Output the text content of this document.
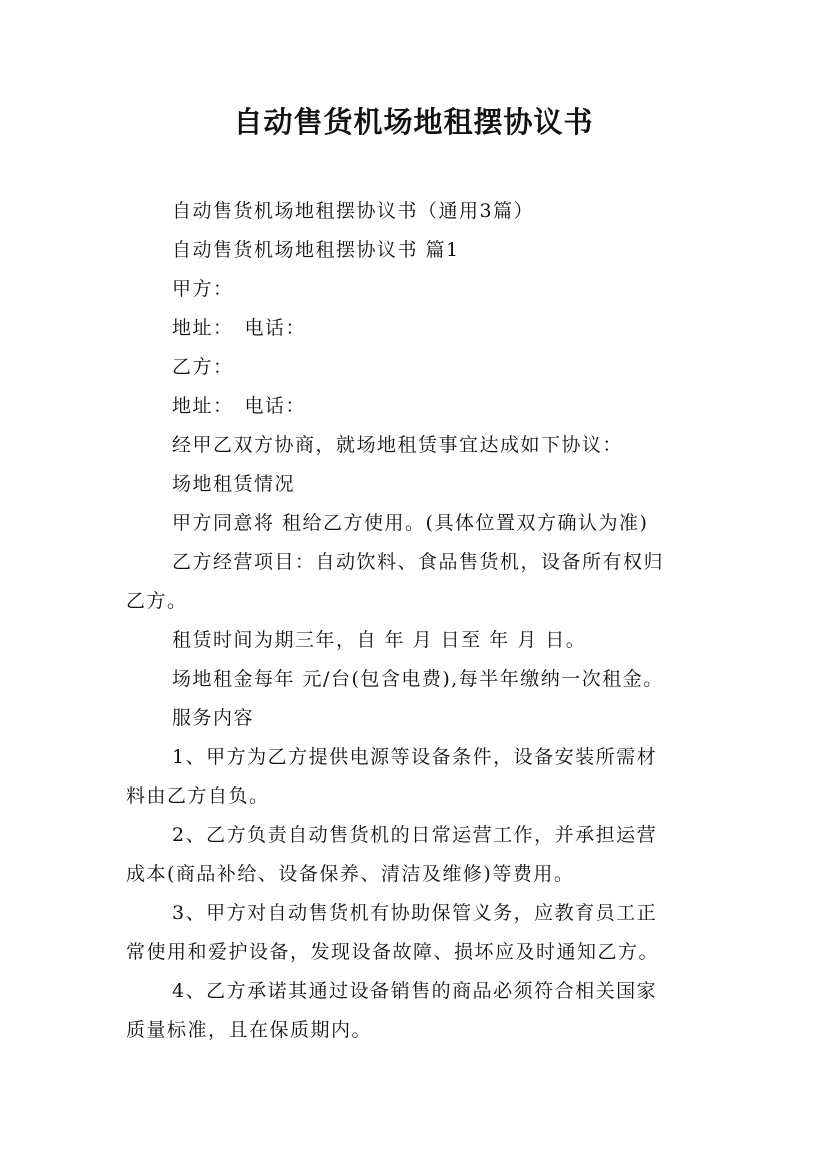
自动售货机场地租摆协议书
自动售货机场地租摆协议书（通用3篇）
自动售货机场地租摆协议书 篇1
甲方：
地址：　电话：
乙方：
地址：　电话：
经甲乙双方协商，就场地租赁事宜达成如下协议：
场地租赁情况
甲方同意将 租给乙方使用。(具体位置双方确认为准)
乙方经营项目：自动饮料、食品售货机，设备所有权归
乙方。
租赁时间为期三年，自 年 月 日至 年 月 日。
场地租金每年 元/台(包含电费),每半年缴纳一次租金。
服务内容
1、甲方为乙方提供电源等设备条件，设备安装所需材
料由乙方自负。
2、乙方负责自动售货机的日常运营工作，并承担运营
成本(商品补给、设备保养、清洁及维修)等费用。
3、甲方对自动售货机有协助保管义务，应教育员工正
常使用和爱护设备，发现设备故障、损坏应及时通知乙方。
4、乙方承诺其通过设备销售的商品必须符合相关国家
质量标准，且在保质期内。
